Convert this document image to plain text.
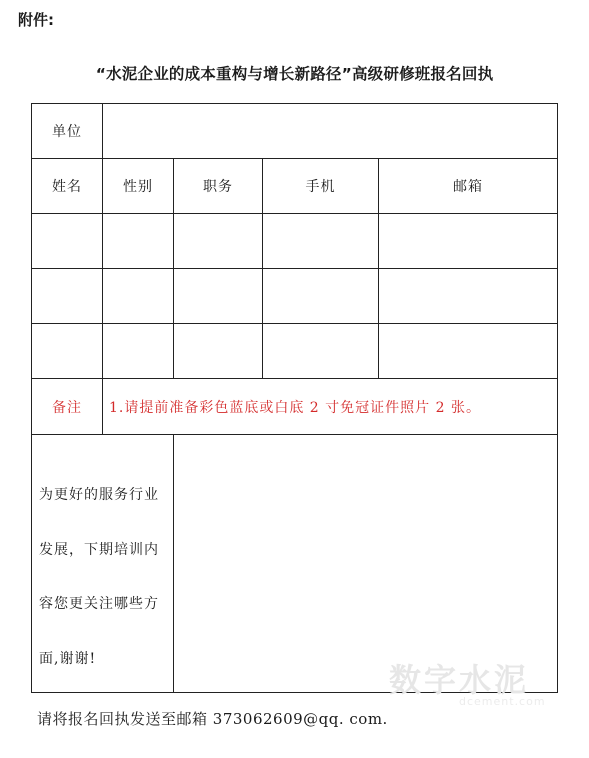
附件:
“水泥企业的成本重构与增长新路径”高级研修班报名回执
单位				
姓名	性别	职务	手机	邮箱

备注	1.请提前准备彩色蓝底或白底 2 寸免冠证件照片 2 张。			
为更好的服务行业发展，下期培训内容您更关注哪些方面,谢谢!				
数字水泥
dcement.com
请将报名回执发送至邮箱 373062609@qq. com.
